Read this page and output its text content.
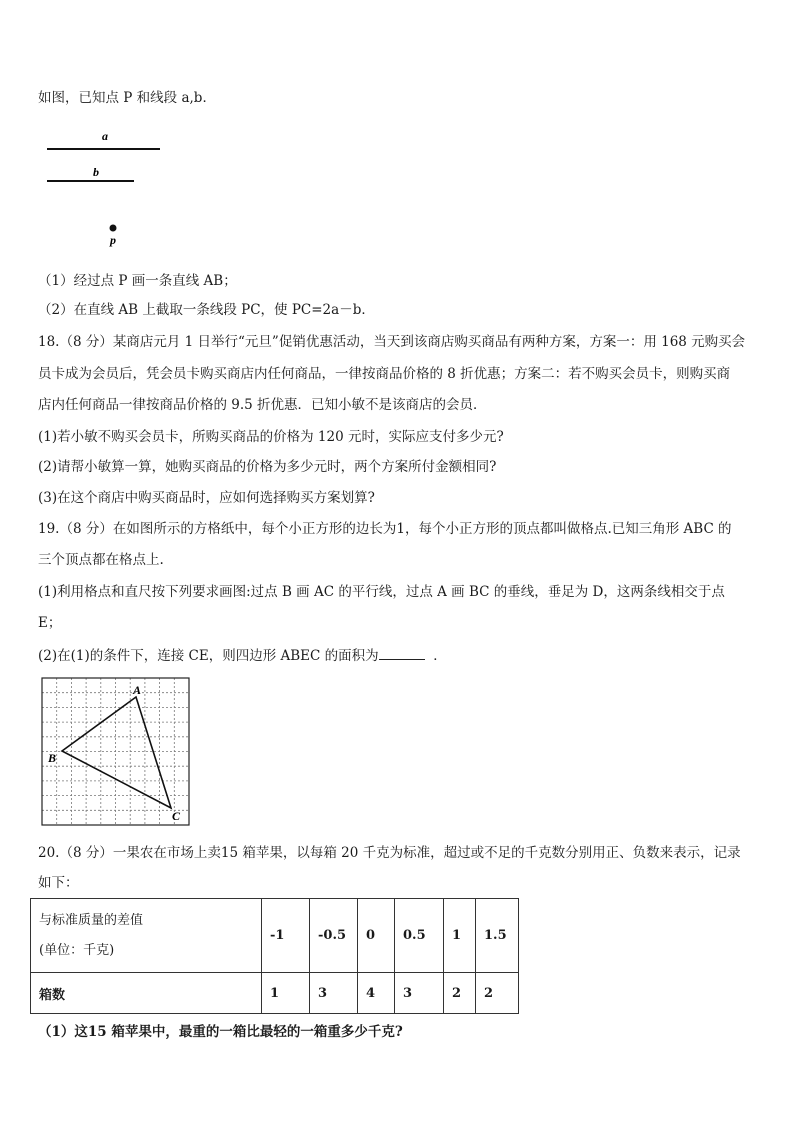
如图，已知点 P 和线段 a,b．
a
b
p
（1）经过点 P 画一条直线 AB；
（2）在直线 AB 上截取一条线段 PC，使 PC=2a－b．
18.（8 分）某商店元月 1 日举行“元旦”促销优惠活动，当天到该商店购买商品有两种方案，方案一：用 168 元购买会
员卡成为会员后，凭会员卡购买商店内任何商品，一律按商品价格的 8 折优惠；方案二：若不购买会员卡，则购买商
店内任何商品一律按商品价格的 9.5 折优惠．已知小敏不是该商店的会员．
(1)若小敏不购买会员卡，所购买商品的价格为 120 元时，实际应支付多少元?
(2)请帮小敏算一算，她购买商品的价格为多少元时，两个方案所付金额相同?
(3)在这个商店中购买商品时，应如何选择购买方案划算?
19.（8 分）在如图所示的方格纸中，每个小正方形的边长为1，每个小正方形的顶点都叫做格点.已知三角形 ABC 的
三个顶点都在格点上.
(1)利用格点和直尺按下列要求画图:过点 B 画 AC 的平行线，过点 A 画 BC 的垂线，垂足为 D，这两条线相交于点
E；
(2)在(1)的条件下，连接 CE，则四边形 ABEC 的面积为	．
A
B
C
20.（8 分）一果农在市场上卖15 箱苹果，以每箱 20 千克为标准，超过或不足的千克数分别用正、负数来表示，记录
如下：
与标准质量的差值
(单位：千克)	-1	-0.5	0	0.5	1	1.5
箱数	1	3	4	3	2	2
（1）这15 箱苹果中，最重的一箱比最轻的一箱重多少千克?
